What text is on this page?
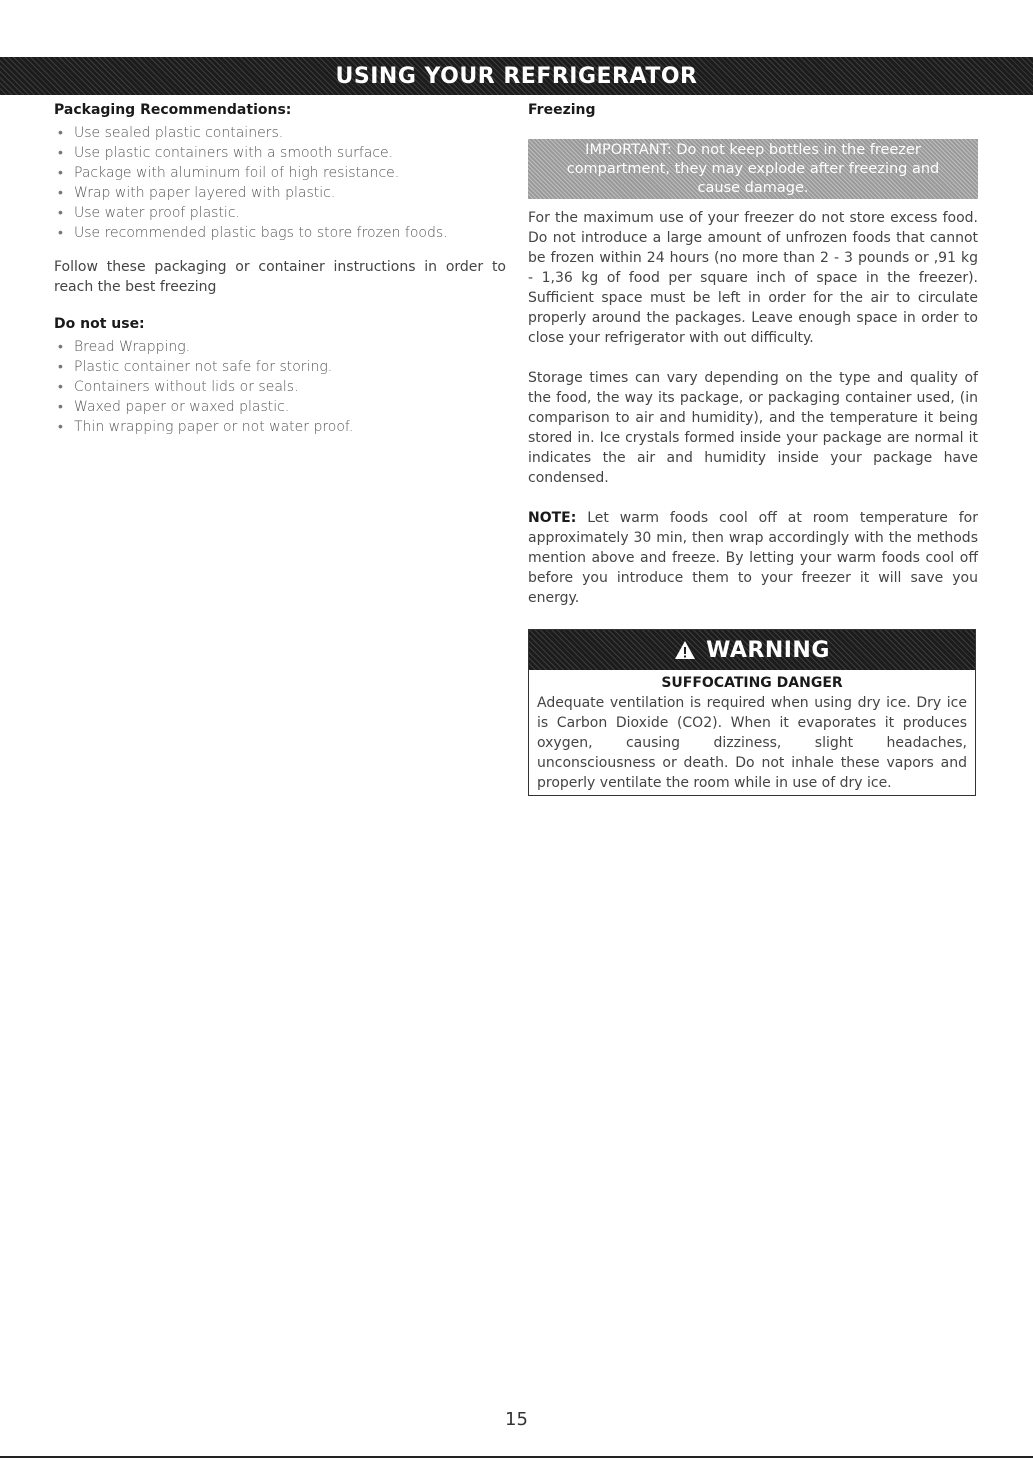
USING YOUR REFRIGERATOR
Packaging Recommendations:
• Use sealed plastic containers.
• Use plastic containers with a smooth surface.
• Package with aluminum foil of high resistance.
• Wrap with paper layered with plastic.
• Use water proof plastic.
• Use recommended plastic bags to store frozen foods.

Follow these packaging or container instructions in order to reach the best freezing

Do not use:
• Bread Wrapping.
• Plastic container not safe for storing.
• Containers without lids or seals.
• Waxed paper or waxed plastic.
• Thin wrapping paper or not water proof.
Freezing
IMPORTANT: Do not keep bottles in the freezer compartment, they may explode after freezing and cause damage.

For the maximum use of your freezer do not store excess food. Do not introduce a large amount of unfrozen foods that cannot be frozen within 24 hours (no more than 2 - 3 pounds or ,91 kg - 1,36 kg of food per square inch of space in the freezer). Sufficient space must be left in order for the air to circulate properly around the packages. Leave enough space in order to close your refrigerator with out difficulty.

Storage times can vary depending on the type and quality of the food, the way its package, or packaging container used, (in comparison to air and humidity), and the temperature it being stored in. Ice crystals formed inside your package are normal it indicates the air and humidity inside your package have condensed.

NOTE: Let warm foods cool off at room temperature for approximately 30 min, then wrap accordingly with the methods mention above and freeze. By letting your warm foods cool off before you introduce them to your freezer it will save you energy.

WARNING
SUFFOCATING DANGER

Adequate ventilation is required when using dry ice. Dry ice is Carbon Dioxide (CO2). When it evaporates it produces oxygen, causing dizziness, slight headaches, unconsciousness or death. Do not inhale these vapors and properly ventilate the room while in use of dry ice.

15
